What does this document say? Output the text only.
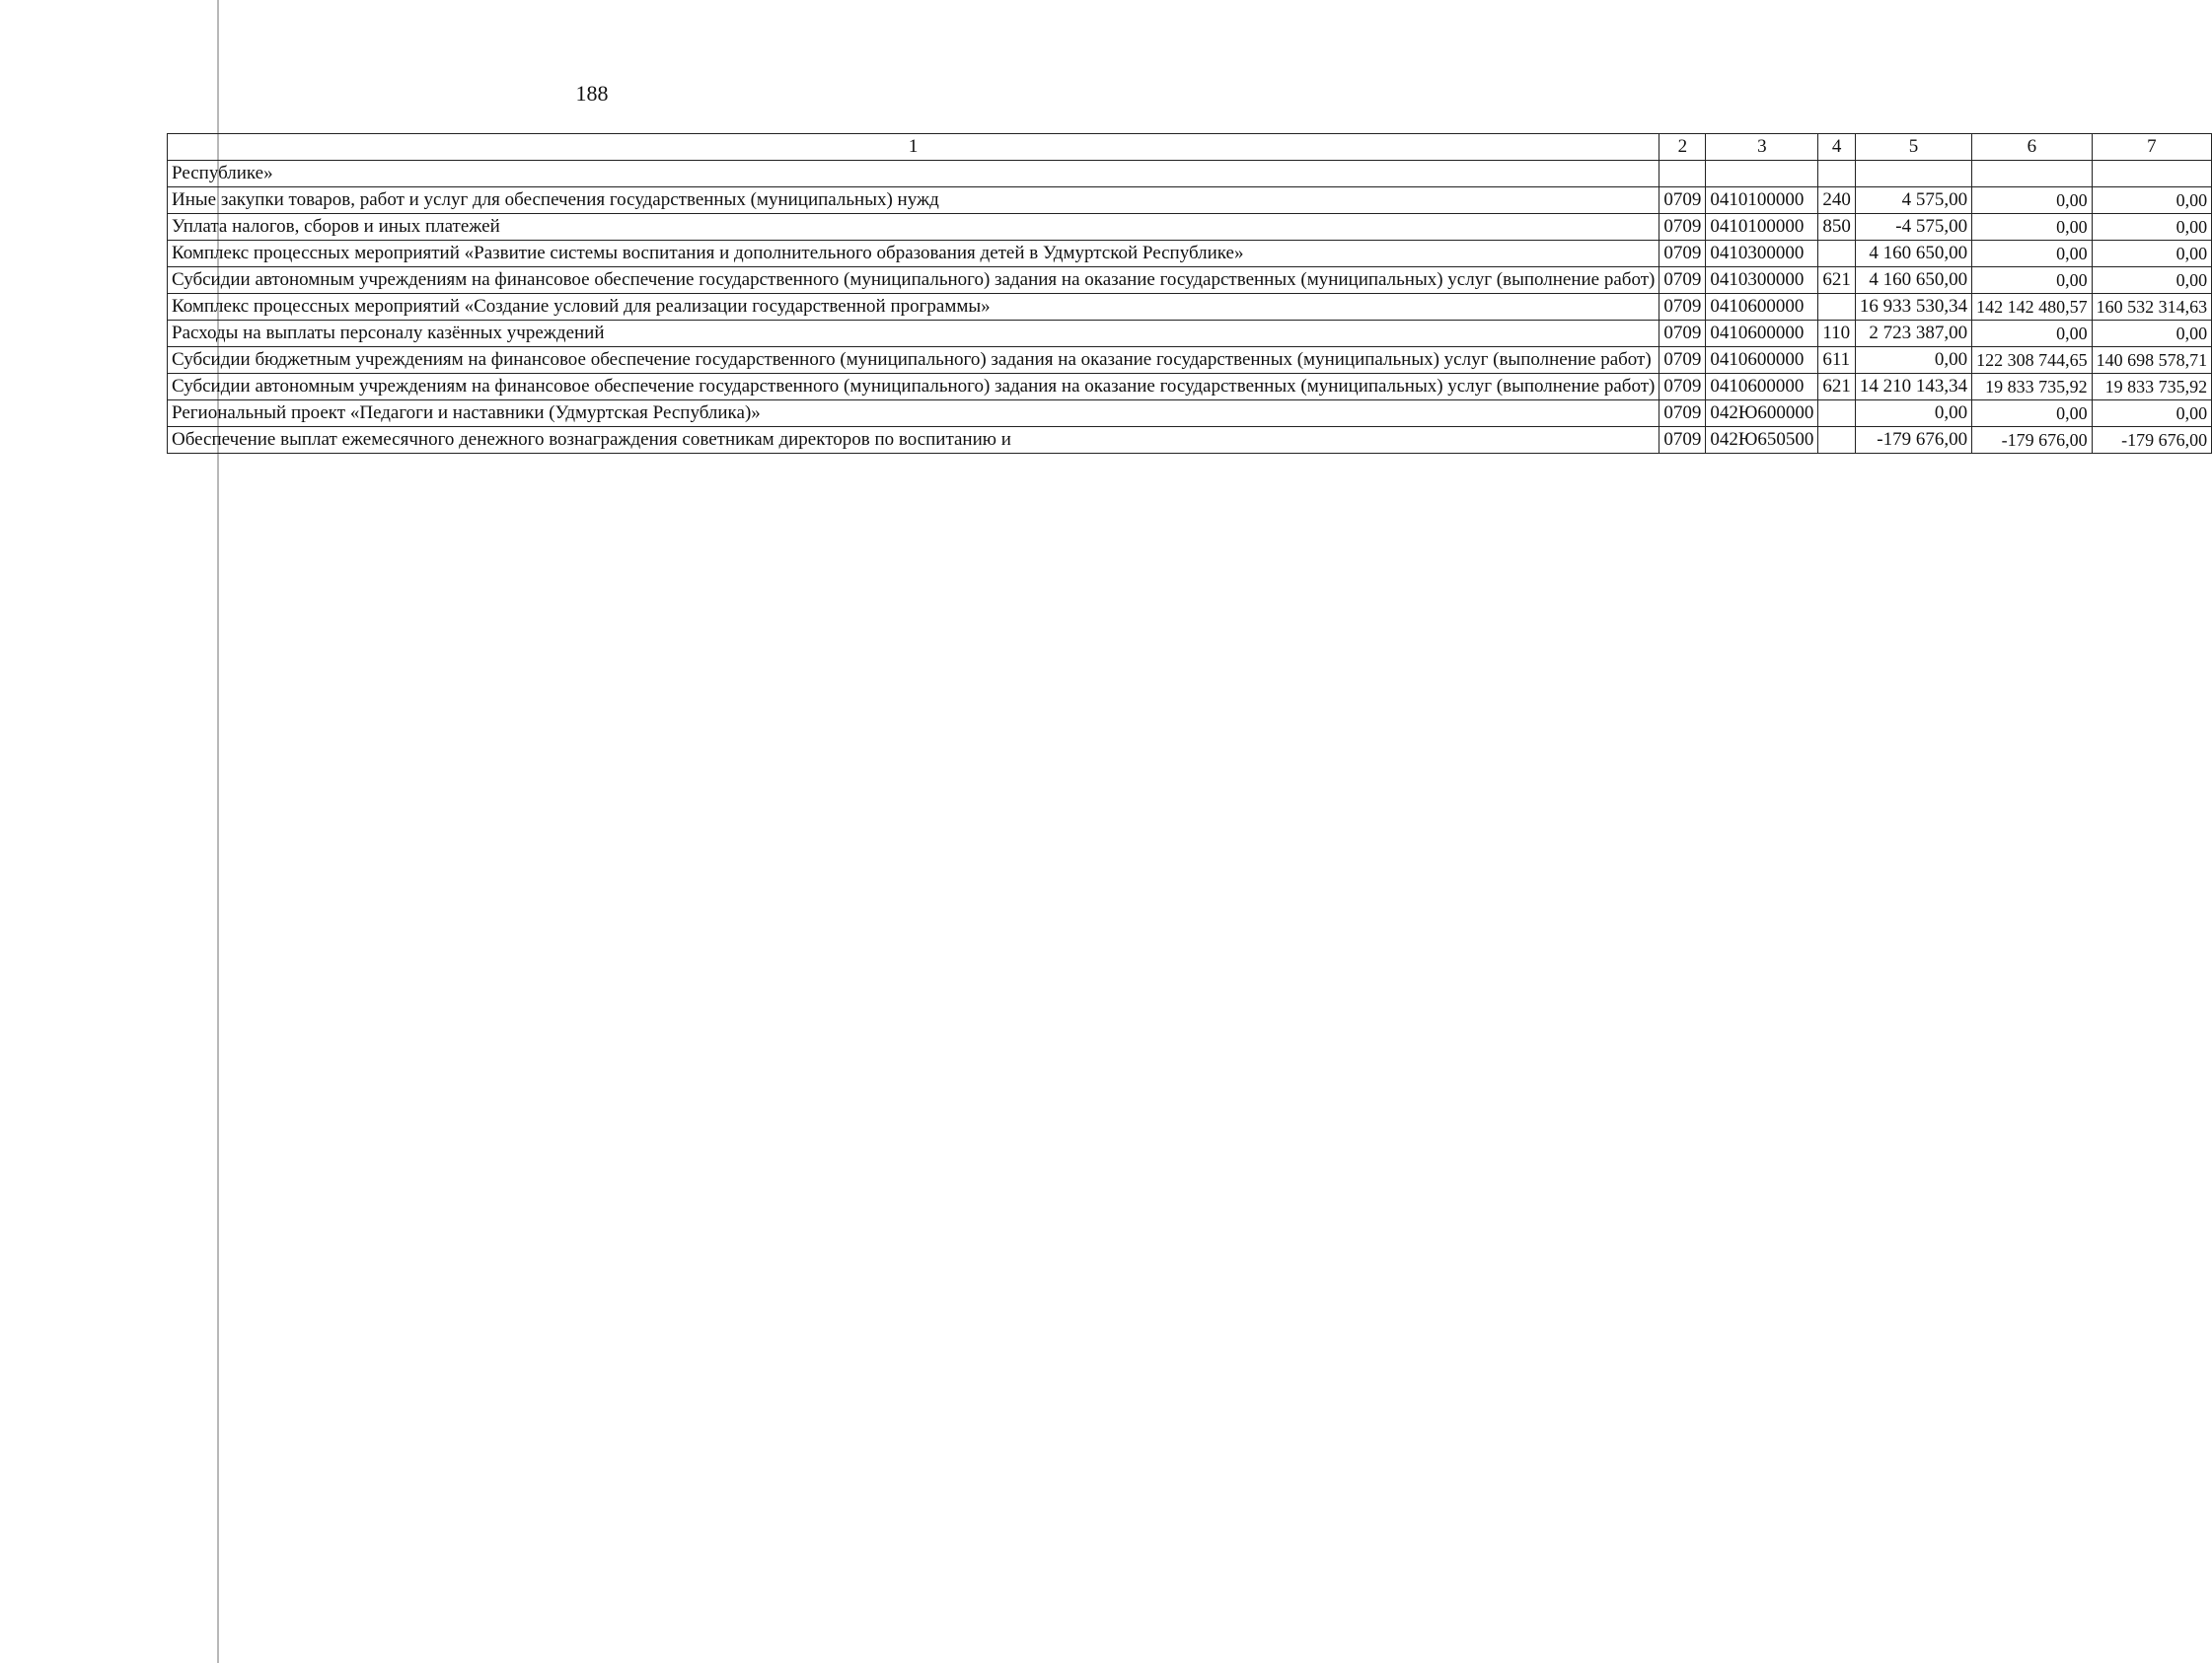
188
1	2	3	4	5	6	7
Республике»						
Иные закупки товаров, работ и услуг для обеспечения государственных (муниципальных) нужд	0709	0410100000	240	4 575,00	0,00	0,00
Уплата налогов, сборов и иных платежей	0709	0410100000	850	-4 575,00	0,00	0,00
Комплекс процессных мероприятий «Развитие системы воспитания и дополнительного образования детей в Удмуртской Республике»	0709	0410300000		4 160 650,00	0,00	0,00
Субсидии автономным учреждениям на финансовое обеспечение государственного (муниципального) задания на оказание государственных (муниципальных) услуг (выполнение работ)	0709	0410300000	621	4 160 650,00	0,00	0,00
Комплекс процессных мероприятий «Создание условий для реализации государственной программы»	0709	0410600000		16 933 530,34	142 142 480,57	160 532 314,63
Расходы на выплаты персоналу казённых учреждений	0709	0410600000	110	2 723 387,00	0,00	0,00
Субсидии бюджетным учреждениям на финансовое обеспечение государственного (муниципального) задания на оказание государственных (муниципальных) услуг (выполнение работ)	0709	0410600000	611	0,00	122 308 744,65	140 698 578,71
Субсидии автономным учреждениям на финансовое обеспечение государственного (муниципального) задания на оказание государственных (муниципальных) услуг (выполнение работ)	0709	0410600000	621	14 210 143,34	19 833 735,92	19 833 735,92
Региональный проект «Педагоги и наставники (Удмуртская Республика)»	0709	042Ю600000		0,00	0,00	0,00
Обеспечение выплат ежемесячного денежного вознаграждения советникам директоров по воспитанию и	0709	042Ю650500		-179 676,00	-179 676,00	-179 676,00
